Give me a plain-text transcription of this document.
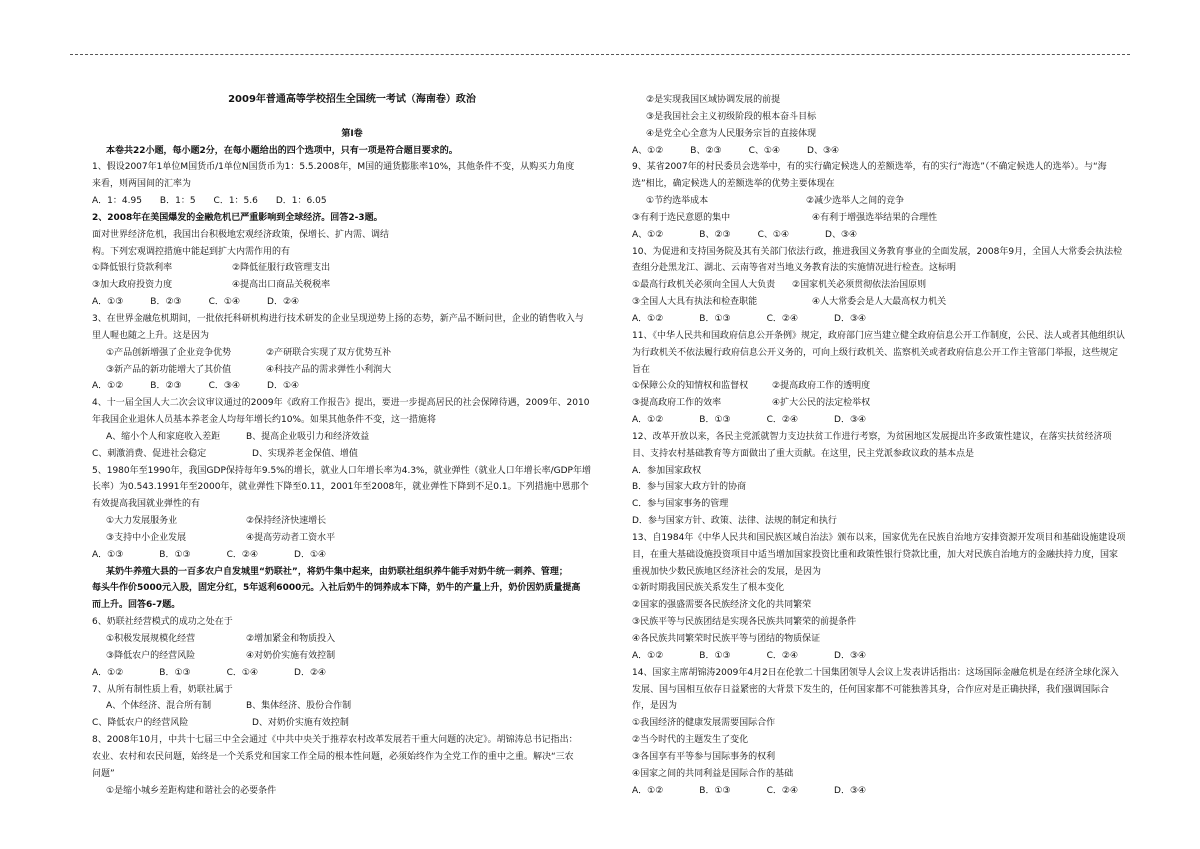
2009年普通高等学校招生全国统一考试（海南卷）政治
第Ⅰ卷
本卷共22小题，每小题2分，在每小题给出的四个选项中，只有一项是符合题目要求的。
1、假设2007年1单位M国货币/1单位N国货币为1：5.5.2008年，M国的通货膨胀率10%，其他条件不变，从购买力角度
来看，则两国间的汇率为
A．1：4.95　　B．1：5　　C．1：5.6　　D．1：6.05
2、2008年在美国爆发的金融危机已严重影响到全球经济。回答2-3题。
面对世界经济危机，我国出台积极地宏观经济政策，保增长、扩内需、调结
构。下列宏观调控措施中能起到扩大内需作用的有
①降低银行贷款利率	②降低征服行政管理支出
③加大政府投资力度	④提高出口商品关税税率
A．①③　　　B．②③　　　C．①④　　　D．②④
3、在世界金融危机期间，一批依托科研机构进行技术研发的企业呈现逆势上扬的态势，新产品不断问世，企业的销售收入与
里人喔也随之上升。这是因为
①产品创新增强了企业竞争优势	②产研联合实现了双方优势互补
③新产品的新功能增大了其价值	④科技产品的需求弹性小利润大
A．①②　　　B．②③　　　C．③④　　　D．①④
4、十一届全国人大二次会议审议通过的2009年《政府工作报告》提出，要进一步提高居民的社会保障待遇，2009年、2010
年我国企业退休人员基本养老金人均每年增长约10%。如果其他条件不变，这一措施将
A、缩小个人和家庭收入差距	B、提高企业吸引力和经济效益
C、刺激消费、促进社会稳定	D、实现养老金保值、增值
5、1980年至1990年，我国GDP保持每年9.5%的增长，就业人口年增长率为4.3%，就业弹性（就业人口年增长率/GDP年增
长率）为0.543.1991年至2000年，就业弹性下降至0.11，2001年至2008年，就业弹性下降到不足0.1。下列措施中恩那个
有效提高我国就业弹性的有
①大力发展服务业	②保持经济快速增长
③支持中小企业发展	④提高劳动者工资水平
A．①③　　　　B．①③　　　　C．②④　　　　D．①④
某奶牛养殖大县的一百多农户自发城里“奶联社”，将奶牛集中起来，由奶联社组织养牛能手对奶牛统一刺养、管理；
每头牛作价5000元入股，固定分红，5年返利6000元。入社后奶牛的饲养成本下降，奶牛的产量上升，奶价因奶质量提高
而上升。回答6-7题。
6、奶联社经营模式的成功之处在于
①积极发展规模化经营	②增加紧金和物质投入
③降低农户的经营风险	④对奶价实施有效控制
A．①②　　　　B．①③　　　　C．①④　　　　D．②④
7、从所有制性质上看，奶联社属于
A、个体经济、混合所有制	B、集体经济、股份合作制
C、降低农户的经营风险	D、对奶价实施有效控制
8、2008年10月，中共十七届三中全会通过《中共中央关于推荐农村改革发展若干重大问题的决定》。胡锦涛总书记指出：
农业、农村和农民问题，始终是一个关系党和国家工作全局的根本性问题，必须始终作为全党工作的重中之重。解决“三农
问题”
①是缩小城乡差距构建和谐社会的必要条件
②是实现我国区域协调发展的前提
③是我国社会主义初级阶段的根本奋斗目标
④是党全心全意为人民服务宗旨的直接体现
A、①②　　　B、②③　　　C、①④　　　D、③④
9、某省2007年的村民委员会选举中，有的实行确定候选人的差额选举，有的实行“海选”（不确定候选人的选举）。与“海
选”相比，确定候选人的差额选举的优势主要体现在
①节约选举成本	②减少选举人之间的竞争
③有利于选民意愿的集中	④有利于增强选举结果的合理性
A、①②　　　　B、②③　　　C、①④　　　　D、③④
10、为促进和支持国务院及其有关部门依法行政，推进我国义务教育事业的全面发展，2008年9月，全国人大常委会执法检
查组分赴黑龙江、湖北、云南等省对当地义务教育法的实施情况进行检查。这标明
①最高行政机关必须向全国人大负责 ②国家机关必须贯彻依法治国原则
③全国人大具有执法和检查职能	④人大常委会是人大最高权力机关
A．①②　　　　B．①③　　　　C．②④　　　　D．③④
11、《中华人民共和国政府信息公开条例》规定，政府部门应当建立健全政府信息公开工作制度，公民、法人或者其他组织认
为行政机关不依法履行政府信息公开义务的，可向上级行政机关、监察机关或者政府信息公开工作主管部门举报，这些规定
旨在
①保障公众的知情权和监督权	②提高政府工作的透明度
③提高政府工作的效率	④扩大公民的法定检举权
A．①②　　　　B．①③　　　　C．②④　　　　D．③④
12、改革开放以来，各民主党派就智力支边扶贫工作进行考察，为贫困地区发展提出许多政策性建议，在落实扶贫经济项
目、支持农村基础教育等方面做出了重大贡献。在这里，民主党派参政议政的基本点是
A．参加国家政权
B．参与国家大政方针的协商
C．参与国家事务的管理
D．参与国家方针、政策、法律、法规的制定和执行
13、自1984年《中华人民共和国民族区域自治法》颁布以来，国家优先在民族自治地方安排资源开发项目和基础设施建设项
目，在重大基础设施投资项目中适当增加国家投资比重和政策性银行贷款比重，加大对民族自治地方的金融扶持力度，国家
重视加快少数民族地区经济社会的发展，是因为
①新时期我国民族关系发生了根本变化
②国家的强盛需要各民族经济文化的共同繁荣
③民族平等与民族团结是实现各民族共同繁荣的前提条件
④各民族共同繁荣时民族平等与团结的物质保证
A．①②　　　　B．①③　　　　C．②④　　　　D．③④
14、国家主席胡锦涛2009年4月2日在伦敦二十国集团领导人会议上发表讲话指出：这场国际金融危机是在经济全球化深入
发展、国与国相互依存日益紧密的大背景下发生的，任何国家都不可能独善其身，合作应对是正确抉择，我们强调国际合
作，是因为
①我国经济的健康发展需要国际合作
②当今时代的主题发生了变化
③各国享有平等参与国际事务的权利
④国家之间的共同利益是国际合作的基础
A．①②　　　　B．①③　　　　C．②④　　　　D．③④
